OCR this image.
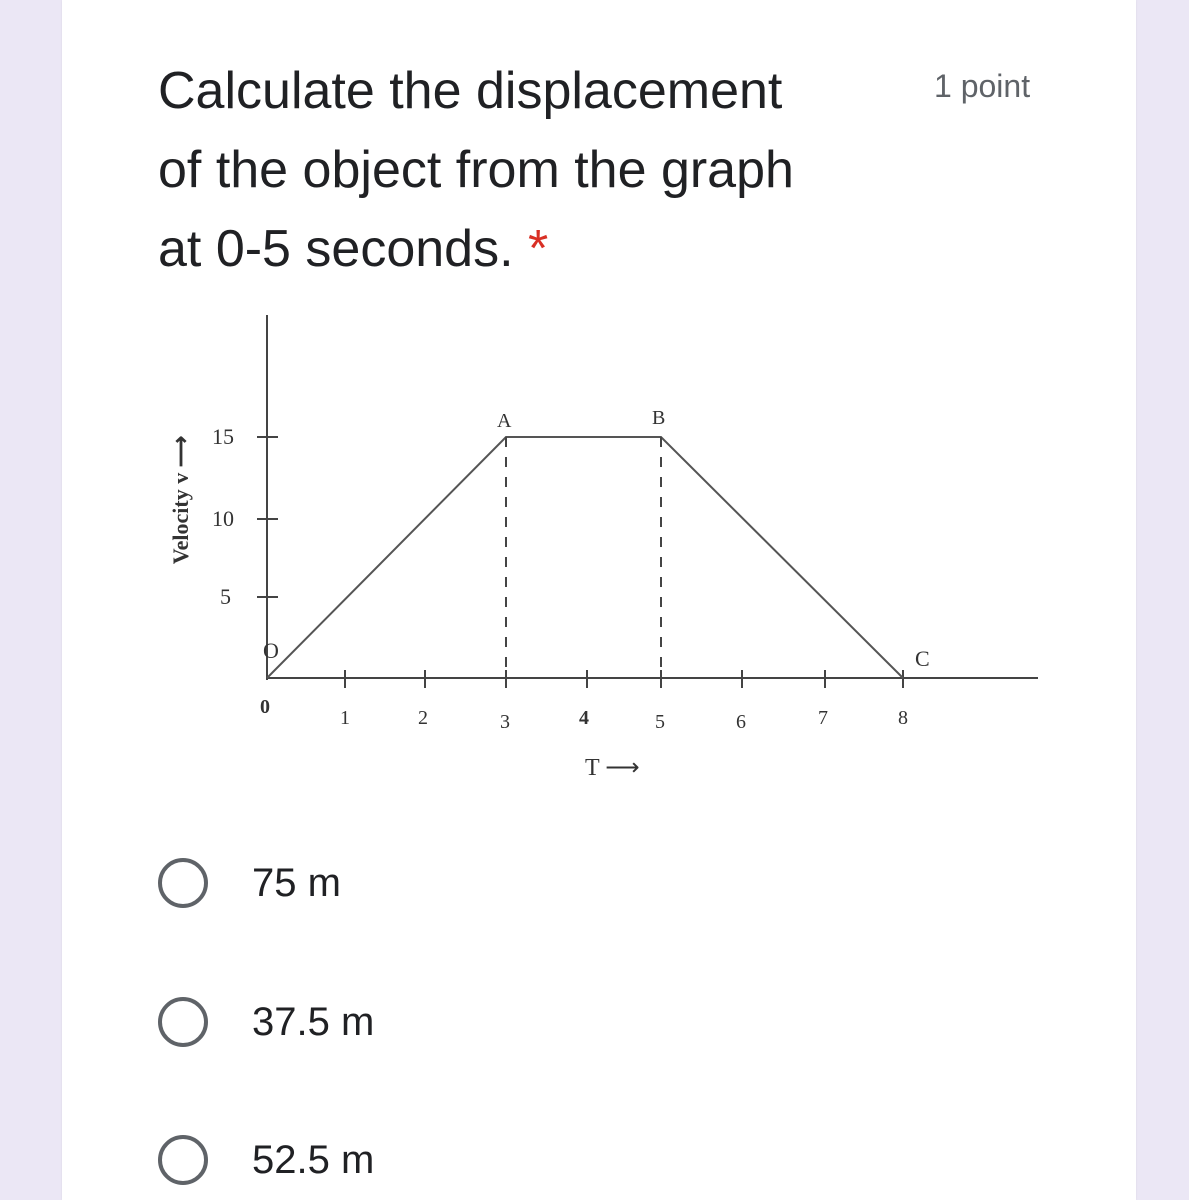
Calculate the displacement
of the object from the graph
at 0-5 seconds. *
1 point
15
10
5
0	1	2	3	4	5	6	7	8
O
A	B
C
Velocity v ⟶
T ⟶
75 m
37.5 m
52.5 m
